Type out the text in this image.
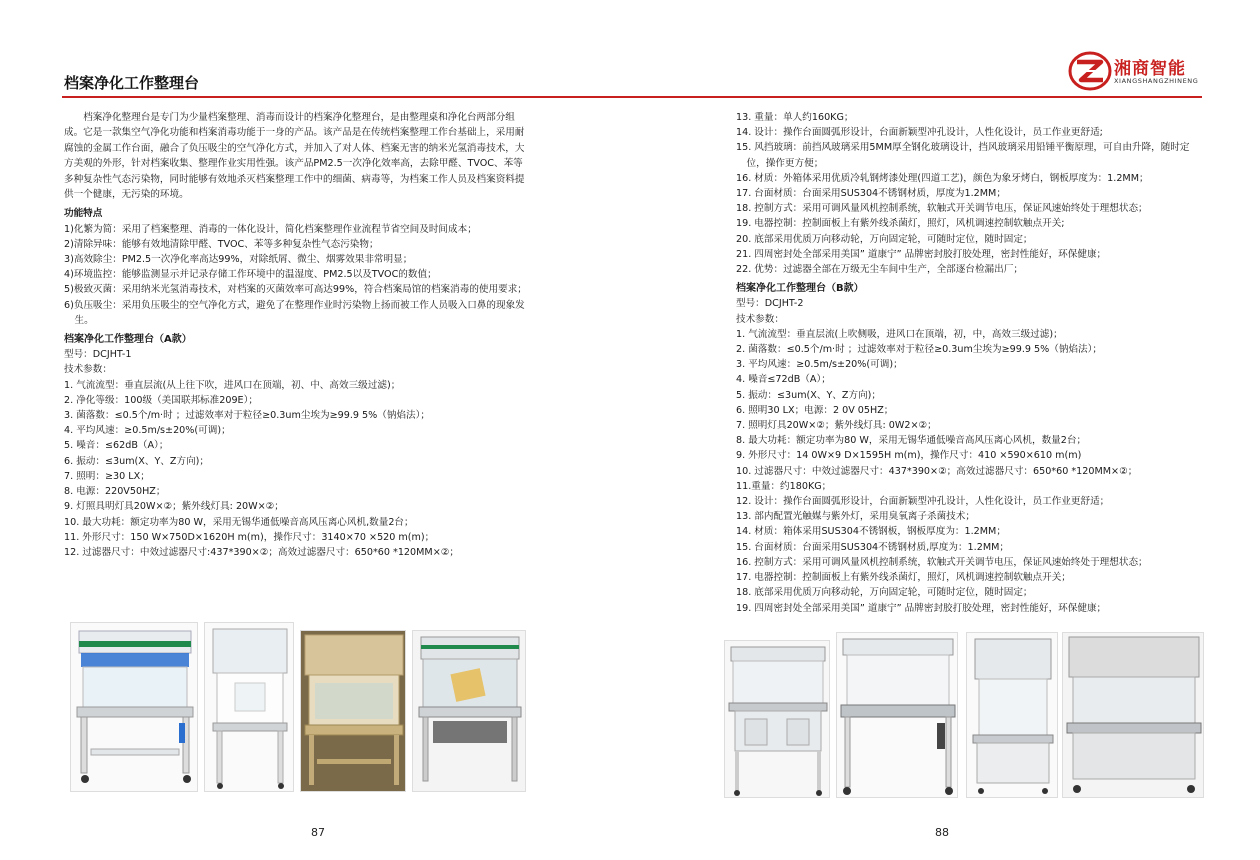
档案净化工作整理台
湘商智能
XIANGSHANGZHINENG

档案净化整理台是专门为少量档案整理、消毒而设计的档案净化整理台，是由整理桌和净化台两部分组成。它是一款集空气净化功能和档案消毒功能于一身的产品。该产品是在传统档案整理工作台基础上，采用耐腐蚀的金属工作台面，融合了负压吸尘的空气净化方式，并加入了对人体、档案无害的纳米光氢消毒技术，大方美观的外形，针对档案收集、整理作业实用性强。该产品PM2.5一次净化效率高，去除甲醛、TVOC、苯等多种复杂性气态污染物，同时能够有效地杀灭档案整理工作中的细菌、病毒等，为档案工作人员及档案资料提供一个健康，无污染的环境。

功能特点
1)化繁为简：采用了档案整理、消毒的一体化设计，简化档案整理作业流程节省空间及时间成本；
2)清除异味：能够有效地清除甲醛、TVOC、苯等多种复杂性气态污染物；
3)高效除尘：PM2.5一次净化率高达99%，对除纸屑、微尘、烟雾效果非常明显；
4)环境监控：能够监测显示并记录存储工作环境中的温湿度、PM2.5以及TVOC的数值；
5)极致灭菌：采用纳米光氢消毒技术，对档案的灭菌效率可高达99%，符合档案局馆的档案消毒的使用要求；
6)负压吸尘：采用负压吸尘的空气净化方式，避免了在整理作业时污染物上扬而被工作人员吸入口鼻的现象发生。
档案净化工作整理台（A款）
型号：DCJHT-1
技术参数：
1. 气流流型：垂直层流(从上往下吹，进风口在顶端，初、中、高效三级过滤)；
2. 净化等级：100级（美国联邦标准209E）；
3. 菌落数：≤0.5个/m·时 ；过滤效率对于粒径≥0.3um尘埃为≥99.9 5%（钠焰法）；
4. 平均风速：≥0.5m/s±20%(可调)；
5. 噪音：≤62dB（A）；
6. 振动：≤3um(X、Y、Z方向)；
7. 照明：≥30 LX；
8. 电源：220V50HZ；
9. 灯照具明灯具20W×②；紫外线灯具: 20W×②；
10. 最大功耗：额定功率为80 W，采用无锡华通低噪音高风压离心风机,数量2台；
11. 外形尺寸：150 W×750D×1620H m(m)，操作尺寸：3140×70 ×520 m(m)；
12. 过滤器尺寸：中效过滤器尺寸:437*390×②；高效过滤器尺寸：650*60 *120MM×②；
87
13. 重量：单人约160KG；
14. 设计：操作台面圆弧形设计，台面新颖型冲孔设计，人性化设计，员工作业更舒适;
15. 风挡玻璃：前挡风玻璃采用5MM厚全钢化玻璃设计，挡风玻璃采用铅锤平衡原理，可自由升降，随时定位，操作更方便；
16. 材质：外箱体采用优质冷轧钢烤漆处理(四道工艺)，颜色为象牙烤白，钢板厚度为：1.2MM；
17. 台面材质：台面采用SUS304不锈钢材质，厚度为1.2MM；
18. 控制方式：采用可调风量风机控制系统，软触式开关调节电压，保证风速始终处于理想状态；
19. 电器控制：控制面板上有紫外线杀菌灯，照灯，风机调速控制软触点开关;
20. 底部采用优质万向移动轮，万向固定轮，可随时定位，随时固定；
21. 四周密封处全部采用美国” 道康宁” 品牌密封胶打胶处理，密封性能好，环保健康；
22. 优势：过滤器全部在万级无尘车间中生产，全部逐台检漏出厂；
档案净化工作整理台（B款）
型号：DCJHT-2
技术参数：
1. 气流流型：垂直层流(上吹侧吸，进风口在顶端，初，中，高效三级过滤)；
2. 菌落数：≤0.5个/m·时 ；过滤效率对于粒径≥0.3um尘埃为≥99.9 5%（钠焰法）；
3. 平均风速：≥0.5m/s±20%(可调)；
4. 噪音≤72dB（A）；
5. 振动：≤3um(X、Y、Z方向)；
6. 照明30 LX；电源：2 0V 05HZ；
7. 照明灯具20W×②；紫外线灯具: 0W2×②；
8. 最大功耗：额定功率为80 W，采用无锡华通低噪音高风压离心风机，数量2台；
9. 外形尺寸：14 0W×9 D×1595H m(m)，操作尺寸：410 ×590×610 m(m)
10. 过滤器尺寸：中效过滤器尺寸：437*390×②；高效过滤器尺寸：650*60 *120MM×②；
11.重量：约180KG；
12. 设计：操作台面圆弧形设计，台面新颖型冲孔设计，人性化设计，员工作业更舒适；
13. 部内配置光触媒与紫外灯，采用臭氧离子杀菌技术；
14. 材质：箱体采用SUS304不锈钢板，钢板厚度为：1.2MM；
15. 台面材质：台面采用SUS304不锈钢材质,厚度为：1.2MM；
16. 控制方式：采用可调风量风机控制系统，软触式开关调节电压，保证风速始终处于理想状态；
17. 电器控制：控制面板上有紫外线杀菌灯，照灯，风机调速控制软触点开关；
18. 底部采用优质万向移动轮，万向固定轮，可随时定位，随时固定；
19. 四周密封处全部采用美国” 道康宁” 品牌密封胶打胶处理，密封性能好，环保健康；
88
